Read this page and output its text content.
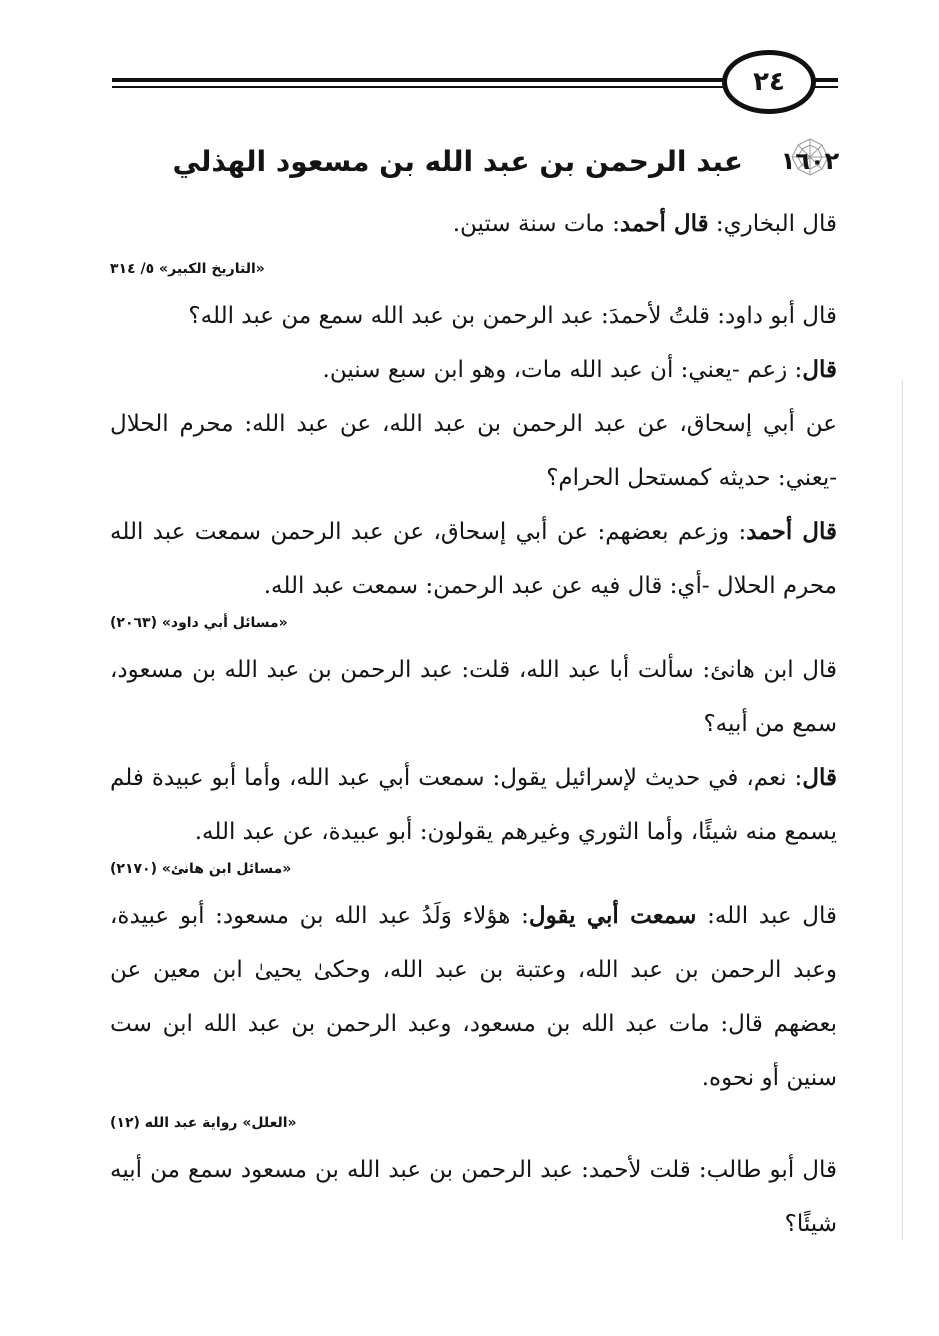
٢٤
١٦٠٢
عبد الرحمن بن عبد الله بن مسعود الهذلي

قال البخاري: قال أحمد: مات سنة ستين.

«التاريخ الكبير» ٥/ ٣١٤

قال أبو داود: قلتُ لأحمدَ: عبد الرحمن بن عبد الله سمع من عبد الله؟

قال: زعم -يعني: أن عبد الله مات، وهو ابن سبع سنين.

عن أبي إسحاق، عن عبد الرحمن بن عبد الله، عن عبد الله: محرم الحلال -يعني: حديثه كمستحل الحرام؟

قال أحمد: وزعم بعضهم: عن أبي إسحاق، عن عبد الرحمن سمعت عبد الله محرم الحلال -أي: قال فيه عن عبد الرحمن: سمعت عبد الله.

«مسائل أبي داود» (٢٠٦٣)

قال ابن هانئ: سألت أبا عبد الله، قلت: عبد الرحمن بن عبد الله بن مسعود، سمع من أبيه؟

قال: نعم، في حديث لإسرائيل يقول: سمعت أبي عبد الله، وأما أبو عبيدة فلم يسمع منه شيئًا، وأما الثوري وغيرهم يقولون: أبو عبيدة، عن عبد الله.

«مسائل ابن هانئ» (٢١٧٠)

قال عبد الله: سمعت أبي يقول: هؤلاء وَلَدُ عبد الله بن مسعود: أبو عبيدة، وعبد الرحمن بن عبد الله، وعتبة بن عبد الله، وحكىٰ يحيىٰ ابن معين عن بعضهم قال: مات عبد الله بن مسعود، وعبد الرحمن بن عبد الله ابن ست سنين أو نحوه.

«العلل» رواية عبد الله (١٢)

قال أبو طالب: قلت لأحمد: عبد الرحمن بن عبد الله بن مسعود سمع من أبيه شيئًا؟
